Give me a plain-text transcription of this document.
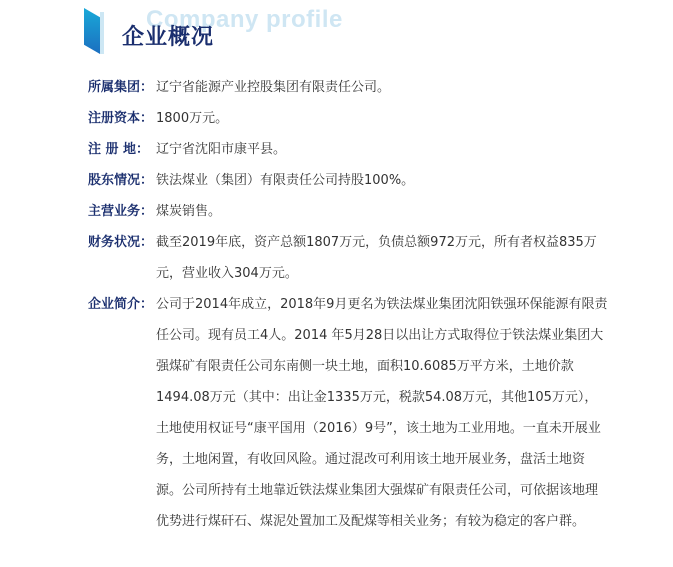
Company profile
企业概况
所属集团： 辽宁省能源产业控股集团有限责任公司。
注册资本： 1800万元。
注 册 地： 辽宁省沈阳市康平县。
股东情况： 铁法煤业（集团）有限责任公司持股100%。
主营业务： 煤炭销售。
财务状况： 截至2019年底，资产总额1807万元，负债总额972万元，所有者权益835万元，营业收入304万元。
企业简介： 公司于2014年成立，2018年9月更名为铁法煤业集团沈阳铁强环保能源有限责任公司。现有员工4人。2014 年5月28日以出让方式取得位于铁法煤业集团大强煤矿有限责任公司东南侧一块土地，面积10.6085万平方米，土地价款1494.08万元（其中：出让金1335万元，税款54.08万元，其他105万元），土地使用权证号“康平国用（2016）9号”，该土地为工业用地。一直未开展业务，土地闲置，有收回风险。通过混改可利用该土地开展业务，盘活土地资源。公司所持有土地靠近铁法煤业集团大强煤矿有限责任公司，可依据该地理优势进行煤矸石、煤泥处置加工及配煤等相关业务；有较为稳定的客户群。
